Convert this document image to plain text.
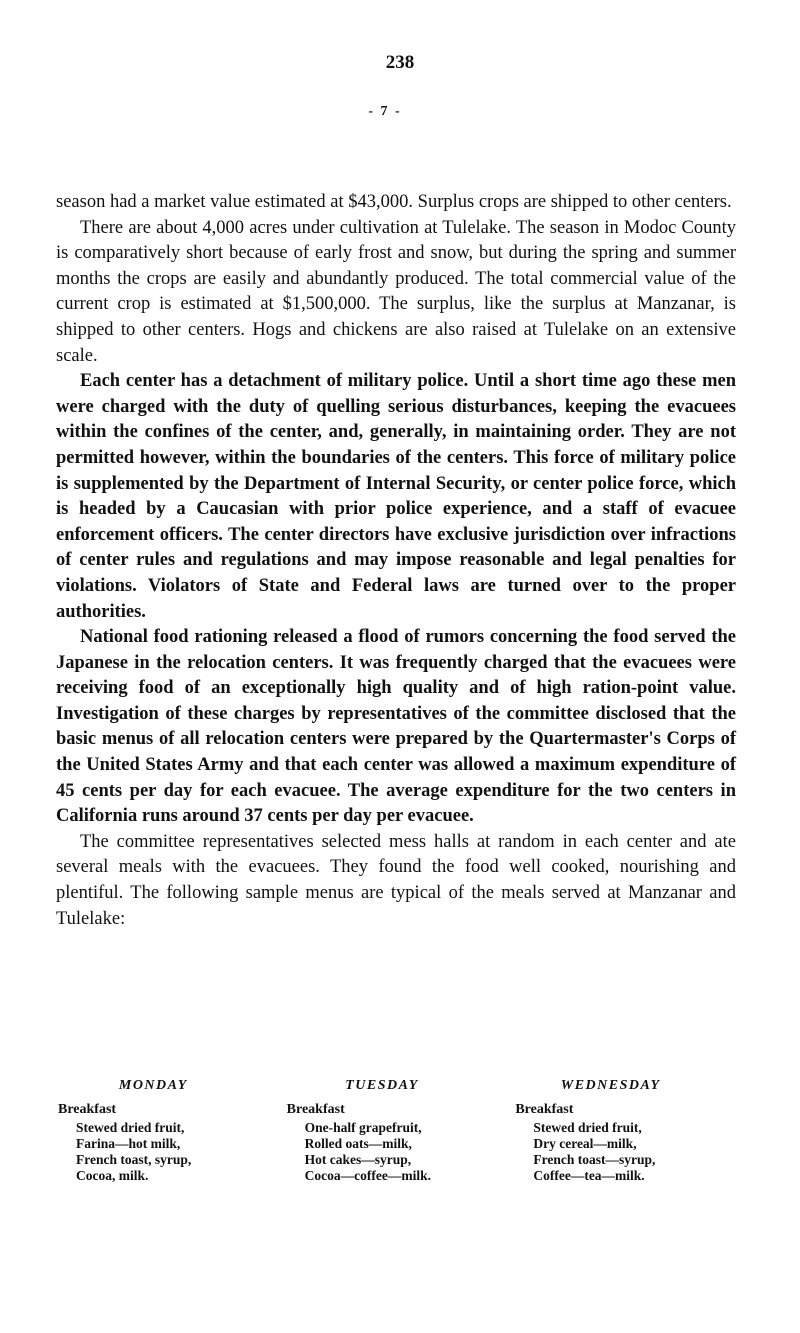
238
- 7 -

season had a market value estimated at $43,000. Surplus crops are shipped to other centers.

There are about 4,000 acres under cultivation at Tulelake. The season in Modoc County is comparatively short because of early frost and snow, but during the spring and summer months the crops are easily and abundantly produced. The total commercial value of the current crop is estimated at $1,500,000. The surplus, like the surplus at Manzanar, is shipped to other centers. Hogs and chickens are also raised at Tulelake on an extensive scale.

Each center has a detachment of military police. Until a short time ago these men were charged with the duty of quelling serious disturbances, keeping the evacuees within the confines of the center, and, generally, in maintaining order. They are not permitted however, within the boundaries of the centers. This force of military police is supplemented by the Department of Internal Security, or center police force, which is headed by a Caucasian with prior police experience, and a staff of evacuee enforcement officers. The center directors have exclusive jurisdiction over infractions of center rules and regulations and may impose reasonable and legal penalties for violations. Violators of State and Federal laws are turned over to the proper authorities.

National food rationing released a flood of rumors concerning the food served the Japanese in the relocation centers. It was frequently charged that the evacuees were receiving food of an exceptionally high quality and of high ration-point value. Investigation of these charges by representatives of the committee disclosed that the basic menus of all relocation centers were prepared by the Quartermaster's Corps of the United States Army and that each center was allowed a maximum expenditure of 45 cents per day for each evacuee. The average expenditure for the two centers in California runs around 37 cents per day per evacuee.

The committee representatives selected mess halls at random in each center and ate several meals with the evacuees. They found the food well cooked, nourishing and plentiful. The following sample menus are typical of the meals served at Manzanar and Tulelake:

MONDAY
Breakfast
Stewed dried fruit,
Farina—hot milk,
French toast, syrup,
Cocoa, milk.
TUESDAY
Breakfast
One-half grapefruit,
Rolled oats—milk,
Hot cakes—syrup,
Cocoa—coffee—milk.
WEDNESDAY
Breakfast
Stewed dried fruit,
Dry cereal—milk,
French toast—syrup,
Coffee—tea—milk.
